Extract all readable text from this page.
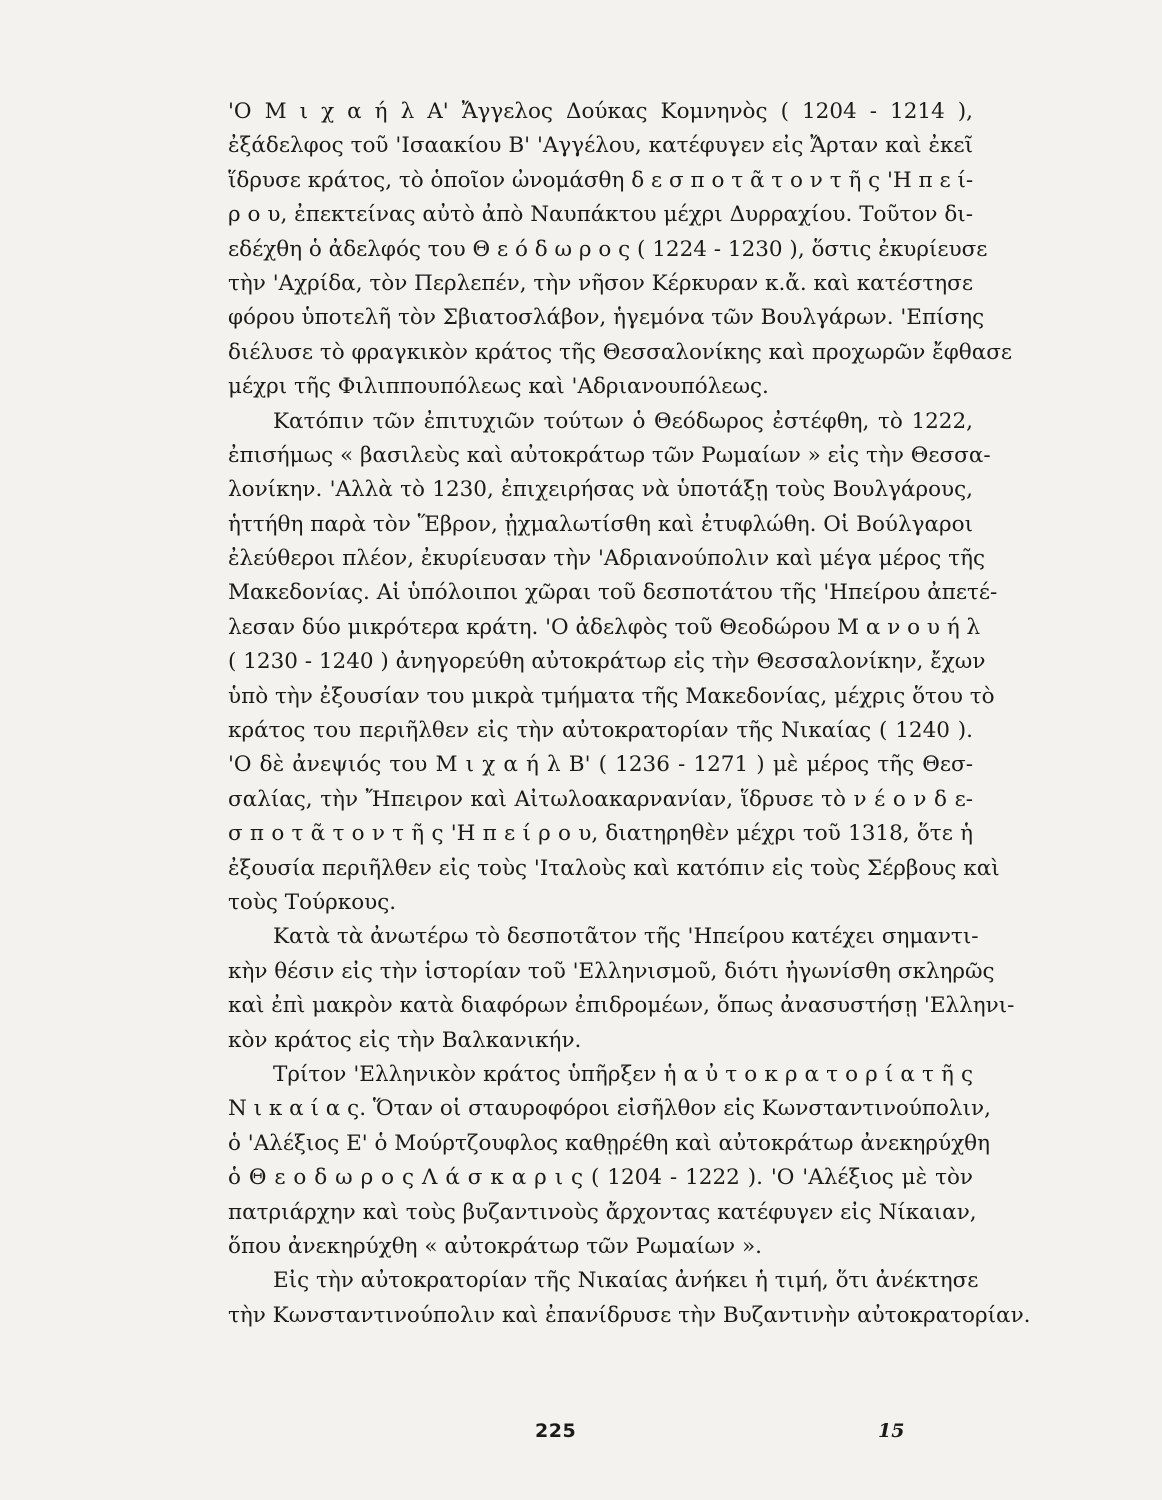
'Ο Μ ι χ α ή λ Α' Ἄγγελος Δούκας Κομνηνὸς ( 1204 - 1214 ),
ἐξάδελφος τοῦ 'Ισαακίου Β' 'Αγγέλου, κατέφυγεν εἰς Ἄρταν καὶ ἐκεῖ
ἵδρυσε κράτος, τὸ ὁποῖον ὠνομάσθη δ ε σ π ο τ ᾶ τ ο ν τ ῆ ς 'Η π ε ί-
ρ ο υ, ἐπεκτείνας αὐτὸ ἀπὸ Ναυπάκτου μέχρι Δυρραχίου. Τοῦτον δι-
εδέχθη ὁ ἀδελφός του Θ ε ό δ ω ρ ο ς ( 1224 - 1230 ), ὅστις ἐκυρίευσε
τὴν 'Αχρίδα, τὸν Περλεπέν, τὴν νῆσον Κέρκυραν κ.ἄ. καὶ κατέστησε
φόρου ὑποτελῆ τὸν Σβιατοσλάβον, ἡγεμόνα τῶν Βουλγάρων. 'Επίσης
διέλυσε τὸ φραγκικὸν κράτος τῆς Θεσσαλονίκης καὶ προχωρῶν ἔφθασε
μέχρι τῆς Φιλιππουπόλεως καὶ 'Αδριανουπόλεως.
Κατόπιν τῶν ἐπιτυχιῶν τούτων ὁ Θεόδωρος ἐστέφθη, τὸ 1222,
ἐπισήμως « βασιλεὺς καὶ αὐτοκράτωρ τῶν Ρωμαίων » εἰς τὴν Θεσσα-
λονίκην. 'Αλλὰ τὸ 1230, ἐπιχειρήσας νὰ ὑποτάξῃ τοὺς Βουλγάρους,
ἡττήθη παρὰ τὸν Ἕβρον, ᾐχμαλωτίσθη καὶ ἐτυφλώθη. Οἱ Βούλγαροι
ἐλεύθεροι πλέον, ἐκυρίευσαν τὴν 'Αδριανούπολιν καὶ μέγα μέρος τῆς
Μακεδονίας. Αἱ ὑπόλοιποι χῶραι τοῦ δεσποτάτου τῆς 'Ηπείρου ἀπετέ-
λεσαν δύο μικρότερα κράτη. 'Ο ἀδελφὸς τοῦ Θεοδώρου Μ α ν ο υ ή λ
( 1230 - 1240 ) ἀνηγορεύθη αὐτοκράτωρ εἰς τὴν Θεσσαλονίκην, ἔχων
ὑπὸ τὴν ἐξουσίαν του μικρὰ τμήματα τῆς Μακεδονίας, μέχρις ὅτου τὸ
κράτος του περιῆλθεν εἰς τὴν αὐτοκρατορίαν τῆς Νικαίας ( 1240 ).
'Ο δὲ ἀνεψιός του Μ ι χ α ή λ Β' ( 1236 - 1271 ) μὲ μέρος τῆς Θεσ-
σαλίας, τὴν Ἤπειρον καὶ Αἰτωλοακαρνανίαν, ἵδρυσε τὸ ν έ ο ν δ ε-
σ π ο τ ᾶ τ ο ν τ ῆ ς 'Η π ε ί ρ ο υ, διατηρηθὲν μέχρι τοῦ 1318, ὅτε ἡ
ἐξουσία περιῆλθεν εἰς τοὺς 'Ιταλοὺς καὶ κατόπιν εἰς τοὺς Σέρβους καὶ
τοὺς Τούρκους.
Κατὰ τὰ ἀνωτέρω τὸ δεσποτᾶτον τῆς 'Ηπείρου κατέχει σημαντι-
κὴν θέσιν εἰς τὴν ἱστορίαν τοῦ 'Ελληνισμοῦ, διότι ἠγωνίσθη σκληρῶς
καὶ ἐπὶ μακρὸν κατὰ διαφόρων ἐπιδρομέων, ὅπως ἀνασυστήσῃ 'Ελληνι-
κὸν κράτος εἰς τὴν Βαλκανικήν.
Τρίτον 'Ελληνικὸν κράτος ὑπῆρξεν ἡ α ὐ τ ο κ ρ α τ ο ρ ί α τ ῆ ς
Ν ι κ α ί α ς. Ὅταν οἱ σταυροφόροι εἰσῆλθον εἰς Κωνσταντινούπολιν,
ὁ 'Αλέξιος Ε' ὁ Μούρτζουφλος καθῃρέθη καὶ αὐτοκράτωρ ἀνεκηρύχθη
ὁ Θ ε ο δ ω ρ ο ς Λ ά σ κ α ρ ι ς ( 1204 - 1222 ). 'Ο 'Αλέξιος μὲ τὸν
πατριάρχην καὶ τοὺς βυζαντινοὺς ἄρχοντας κατέφυγεν εἰς Νίκαιαν,
ὅπου ἀνεκηρύχθη « αὐτοκράτωρ τῶν Ρωμαίων ».
Εἰς τὴν αὐτοκρατορίαν τῆς Νικαίας ἀνήκει ἡ τιμή, ὅτι ἀνέκτησε
τὴν Κωνσταντινούπολιν καὶ ἐπανίδρυσε τὴν Βυζαντινὴν αὐτοκρατορίαν.
225	15
